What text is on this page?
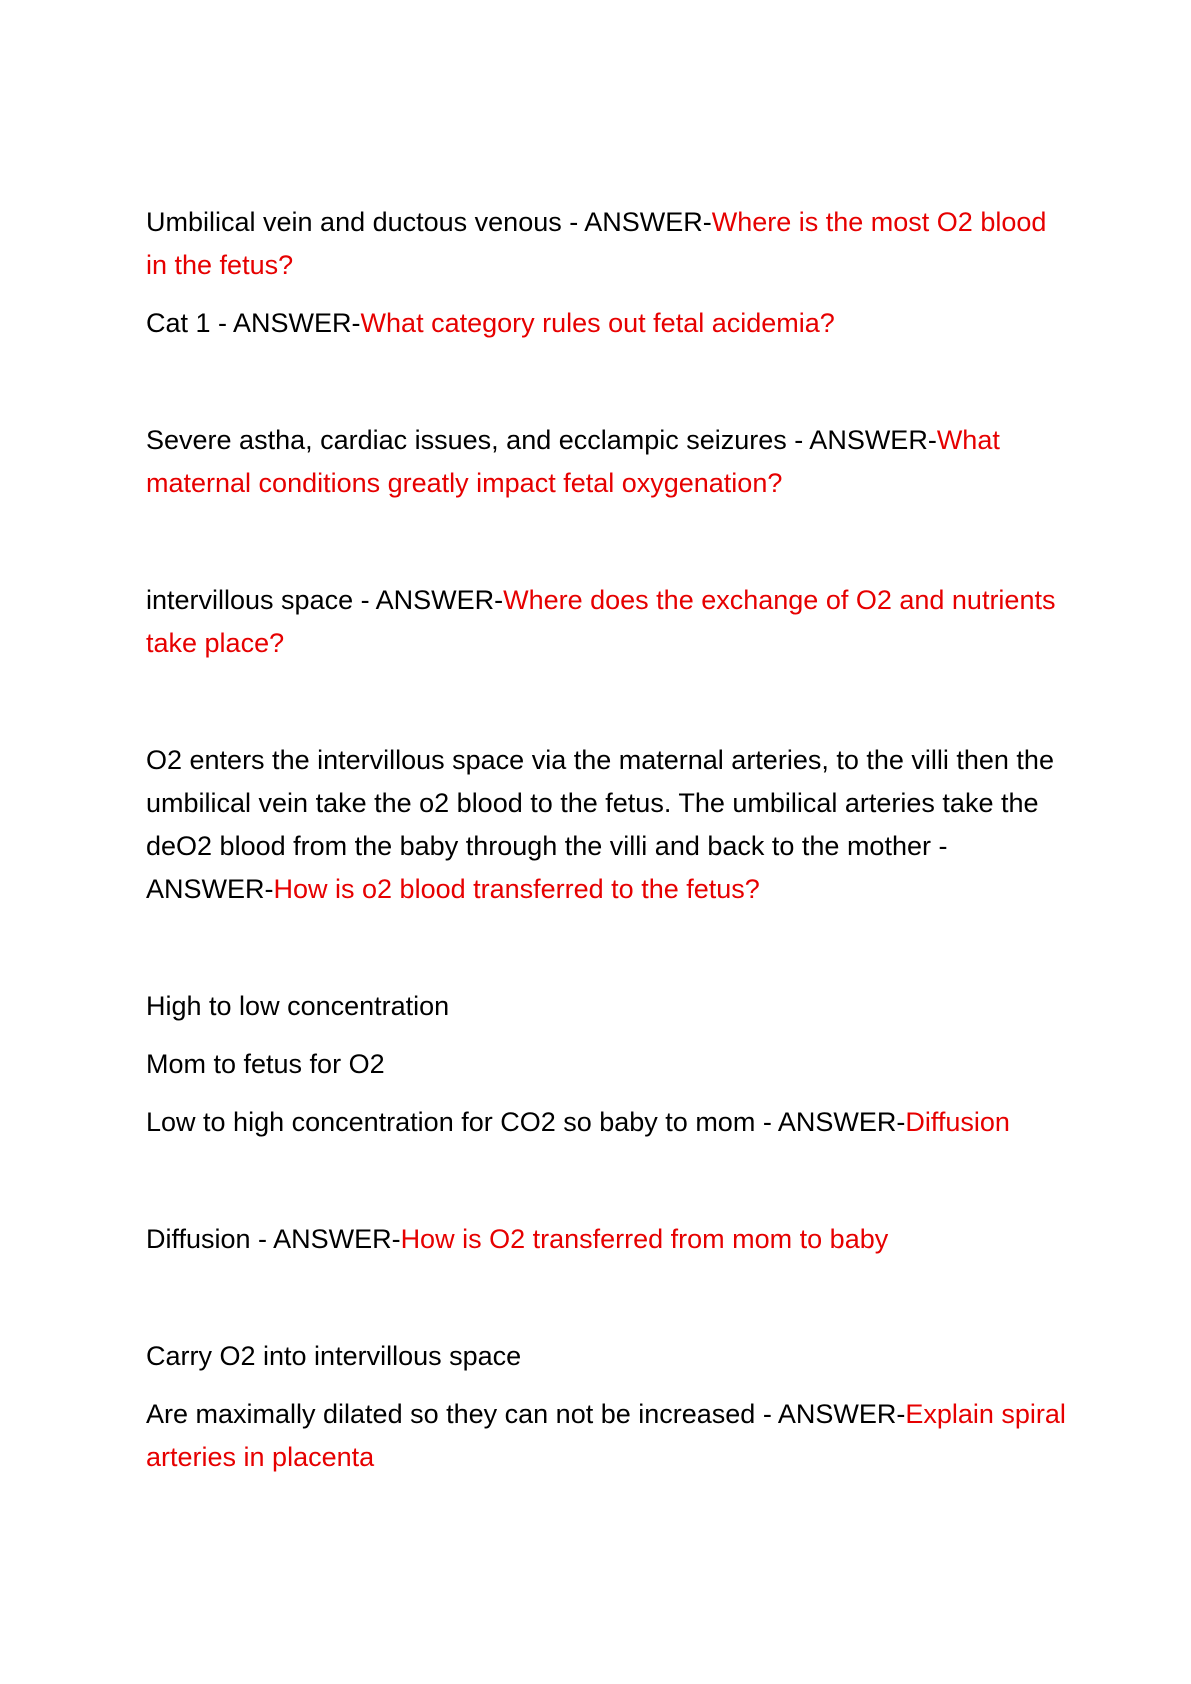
Umbilical vein and ductous venous - ANSWER-Where is the most O2 blood in the fetus?

Cat 1 - ANSWER-What category rules out fetal acidemia?

Severe astha, cardiac issues, and ecclampic seizures - ANSWER-What maternal conditions greatly impact fetal oxygenation?

intervillous space - ANSWER-Where does the exchange of O2 and nutrients take place?

O2 enters the intervillous space via the maternal arteries, to the villi then the umbilical vein take the o2 blood to the fetus. The umbilical arteries take the deO2 blood from the baby through the villi and back to the mother - ANSWER-How is o2 blood transferred to the fetus?

High to low concentration

Mom to fetus for O2

Low to high concentration for CO2 so baby to mom - ANSWER-Diffusion

Diffusion - ANSWER-How is O2 transferred from mom to baby

Carry O2 into intervillous space

Are maximally dilated so they can not be increased - ANSWER-Explain spiral arteries in placenta
